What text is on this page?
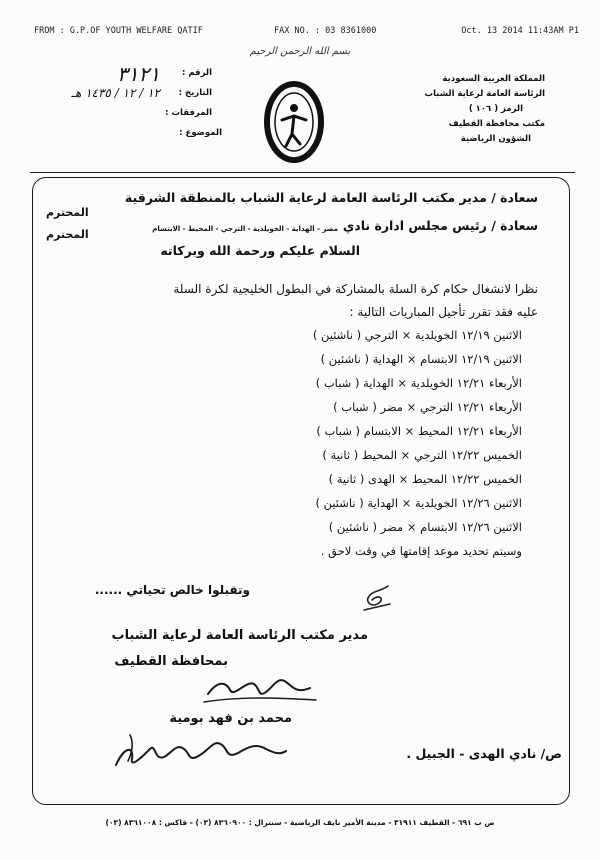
FROM : G.P.OF YOUTH WELFARE QATIF	FAX NO. : 03 8361000	Oct. 13 2014 11:43AM P1
بسم الله الرحمن الرحيم
المملكة العربية السعودية
الرئاسة العامة لرعاية الشباب
الرمز ( ١٠٦ )
مكتب محافظة القطيف
الشؤون الرياضية
الرقم :
٣١٢١
التاريخ :
١٢ / ١٢ / ١٤٣٥ هـ
المرفقات :
الموضوع :
سعادة / مدير مكتب الرئاسة العامة لرعاية الشباب بالمنطقة الشرقية
المحترم
سعادة / رئيس مجلس ادارة نادي
مضر - الهداية - الخويلدية - الترجي - المحيط - الابتسام
المحترم
السلام عليكم ورحمة الله وبركاته
نظرا لانشغال حكام كرة السلة بالمشاركة في البطول الخليجية لكرة السلة
عليه فقد تقرر تأجيل المباريات التالية :
الاثنين ١٢/١٩ الخويلدية × الترجي ( ناشئين )
الاثنين ١٢/١٩ الابتسام × الهداية ( ناشئين )
الأربعاء ١٢/٢١ الخويلدية × الهداية ( شباب )
الأربعاء ١٢/٢١ الترجي × مضر ( شباب )
الأربعاء ١٢/٢١ المحيط × الابتسام ( شباب )
الخميس ١٢/٢٢ الترجي × المحيط ( ثانية )
الخميس ١٢/٢٢ المحيط × الهدى ( ثانية )
الاثنين ١٢/٢٦ الخويلدية × الهداية ( ناشئين )
الاثنين ١٢/٢٦ الابتسام × مضر ( ناشئين )
وسيتم تحديد موعد إقامتها في وقت لاحق .
وتقبلوا خالص تحياتي ......
مدير مكتب الرئاسة العامة لرعاية الشباب
بمحافظة القطيف
محمد بن فهد بومية
ص/ نادي الهدى - الجبيل .
ص ب ٦٩١ - القطيف ٣١٩١١ - مدينة الأمير نايف الرياضية - سنترال : ٨٣٦٠٩٠٠ (٠٣) - فاكس : ٨٣٦١٠٠٨ (٠٣)
